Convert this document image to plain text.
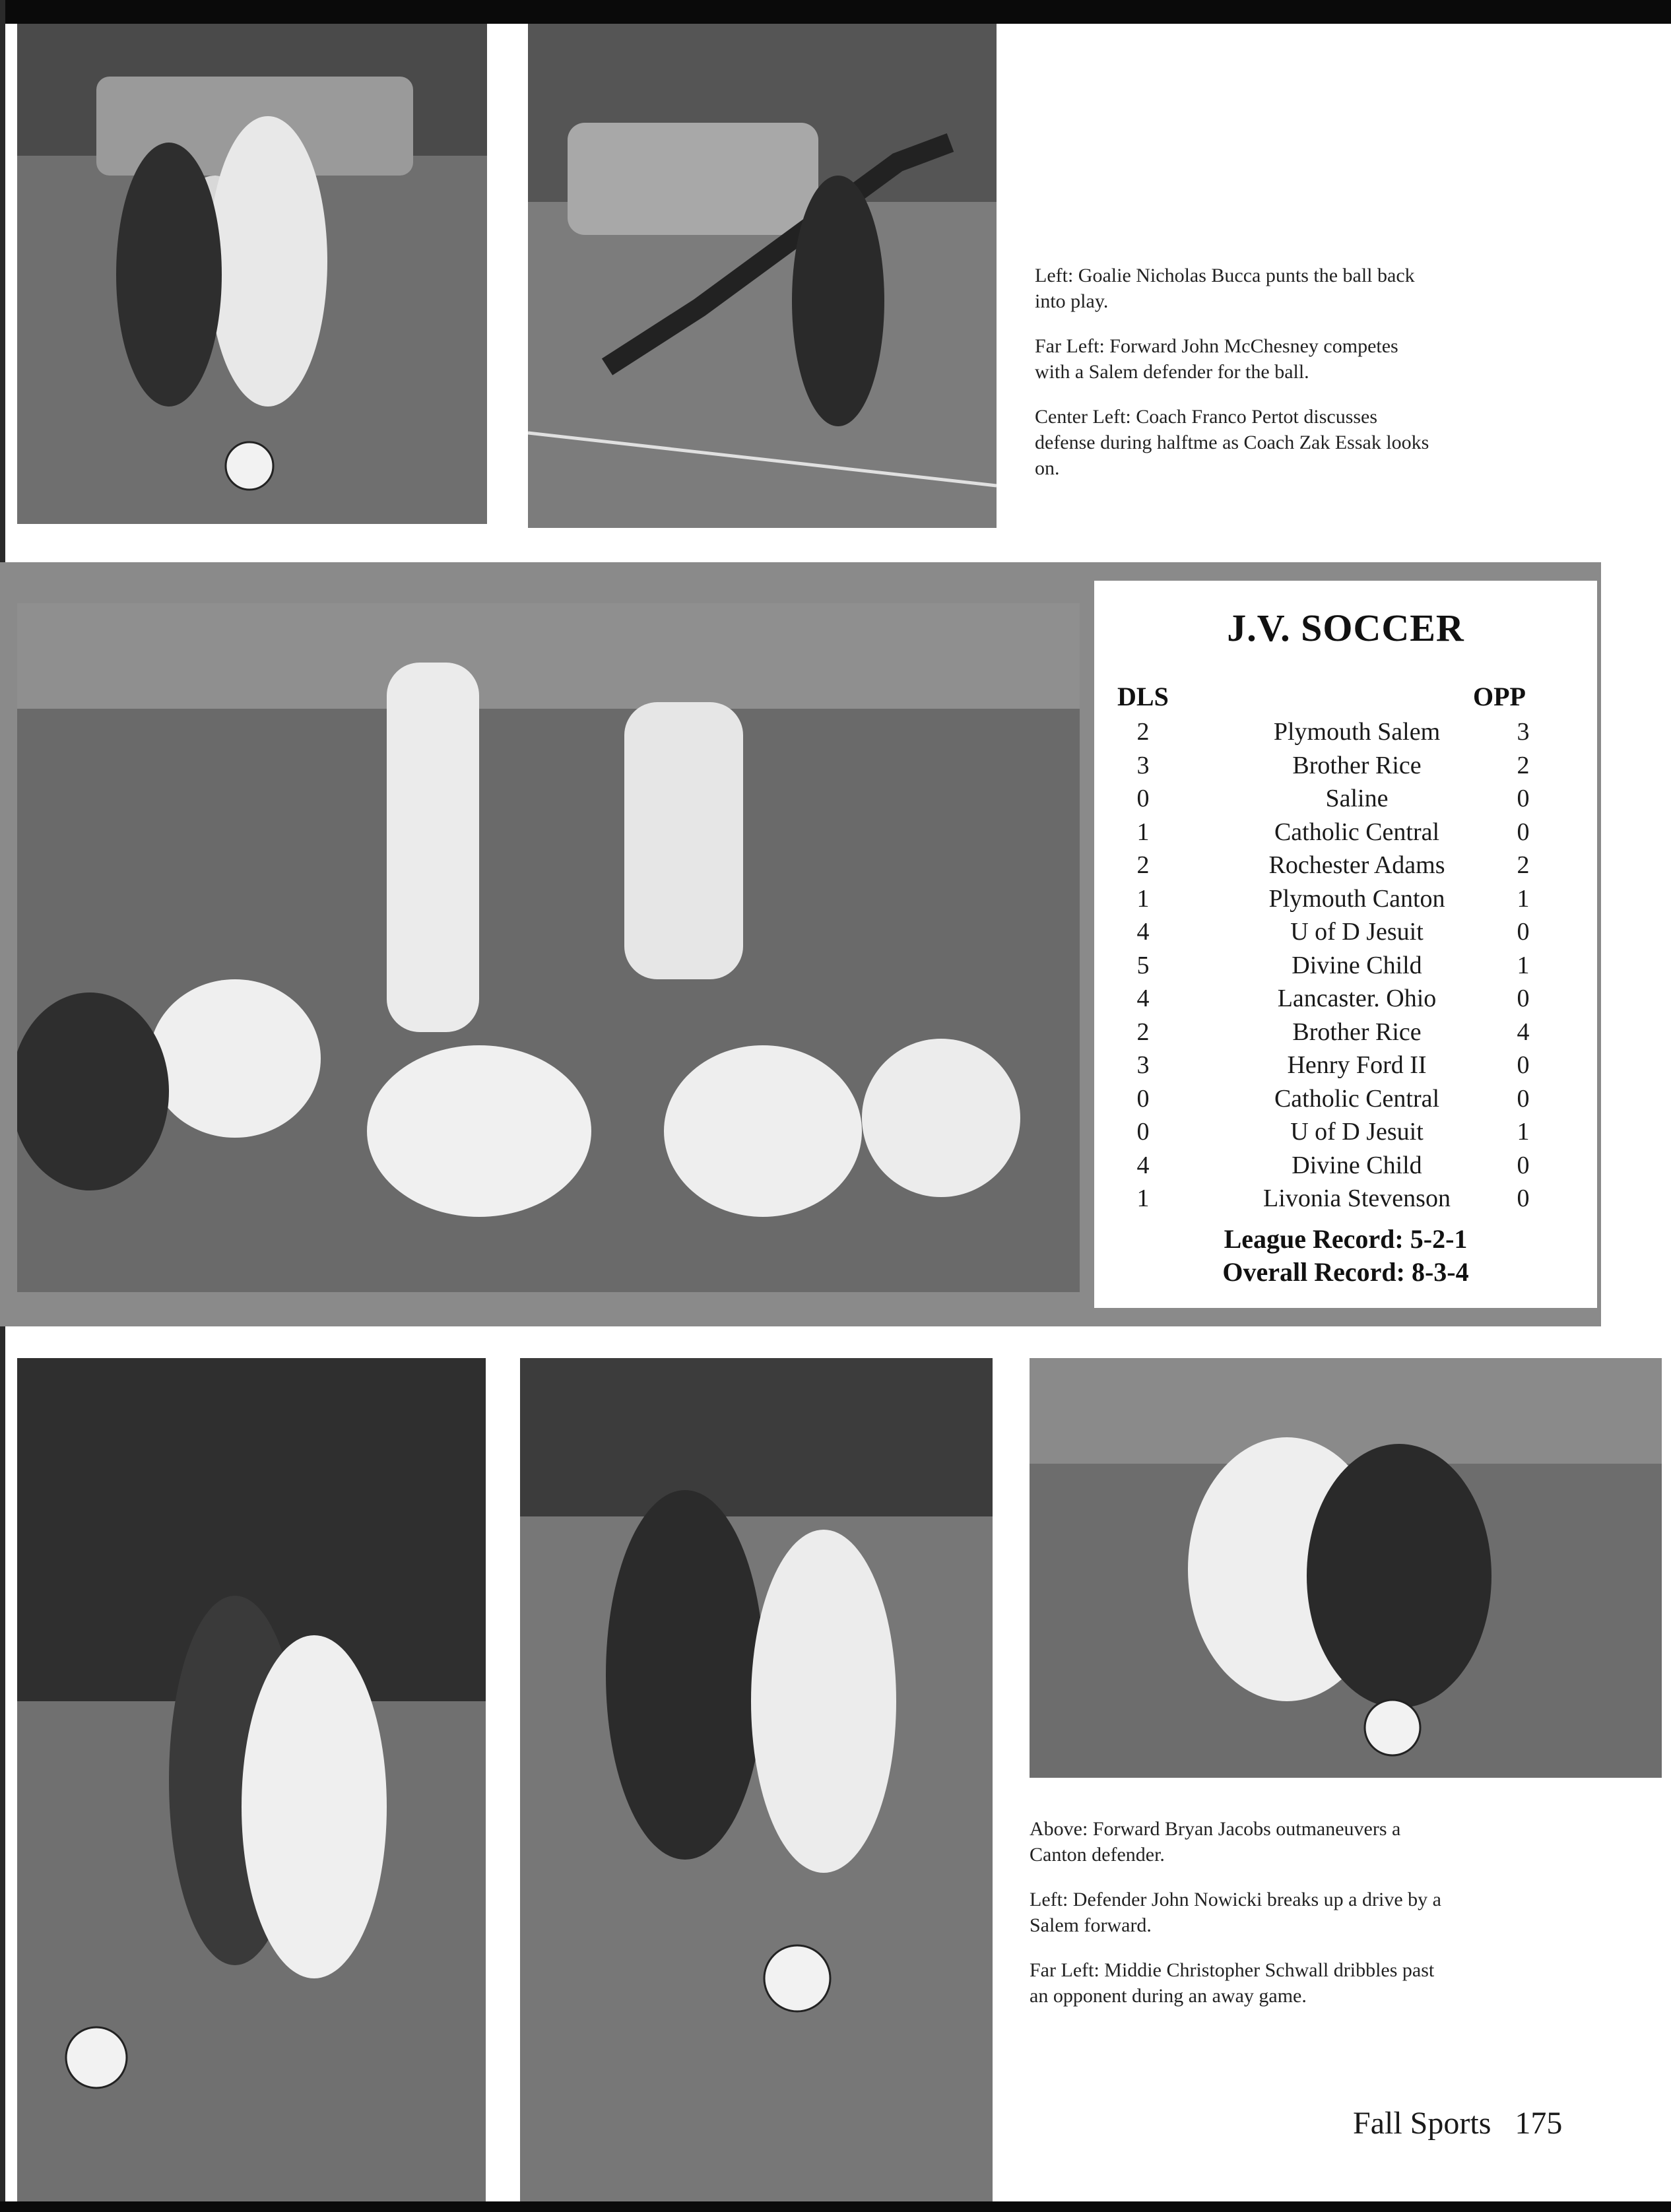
Left: Goalie Nicholas Bucca punts the ball back into play.

Far Left: Forward John McChesney competes with a Salem defender for the ball.

Center Left: Coach Franco Pertot discusses defense during halftme as Coach Zak Essak looks on.

J.V. SOCCER
DLS	OPP
2	Plymouth Salem	3
3	Brother Rice	2
0	Saline	0
1	Catholic Central	0
2	Rochester Adams	2
1	Plymouth Canton	1
4	U of D Jesuit	0
5	Divine Child	1
4	Lancaster. Ohio	0
2	Brother Rice	4
3	Henry Ford II	0
0	Catholic Central	0
0	U of D Jesuit	1
4	Divine Child	0
1	Livonia Stevenson	0
League Record: 5-2-1
Overall Record: 8-3-4

Above: Forward Bryan Jacobs outmaneuvers a Canton defender.

Left: Defender John Nowicki breaks up a drive by a Salem forward.

Far Left: Middie Christopher Schwall dribbles past an opponent during an away game.

Fall Sports 175
